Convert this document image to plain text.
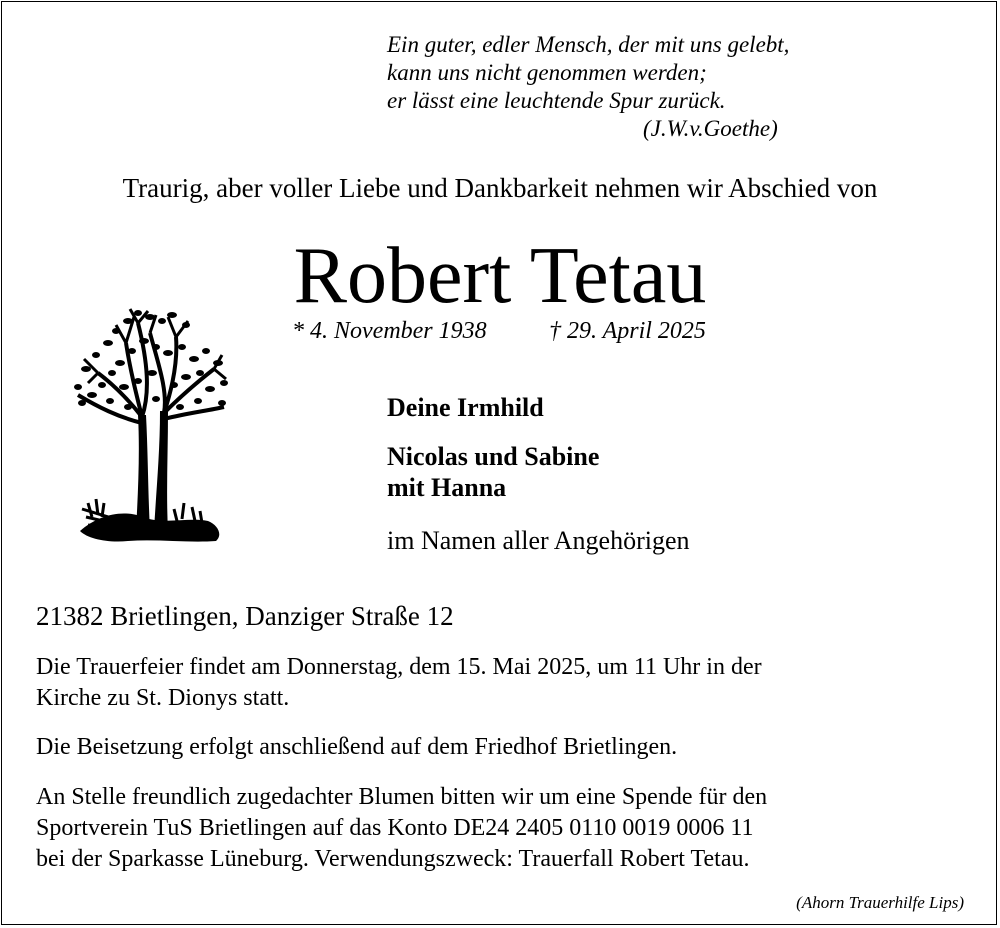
Ein guter, edler Mensch, der mit uns gelebt,
kann uns nicht genommen werden;
er lässt eine leuchtende Spur zurück.
(J.W.v.Goethe)
Traurig, aber voller Liebe und Dankbarkeit nehmen wir Abschied von
Robert Tetau
* 4. November 1938	† 29. April 2025
Deine Irmhild
Nicolas und Sabine
mit Hanna
im Namen aller Angehörigen
21382 Brietlingen, Danziger Straße 12
Die Trauerfeier findet am Donnerstag, dem 15. Mai 2025, um 11 Uhr in der
Kirche zu St. Dionys statt.
Die Beisetzung erfolgt anschließend auf dem Friedhof Brietlingen.
An Stelle freundlich zugedachter Blumen bitten wir um eine Spende für den
Sportverein TuS Brietlingen auf das Konto DE24 2405 0110 0019 0006 11
bei der Sparkasse Lüneburg. Verwendungszweck: Trauerfall Robert Tetau.
(Ahorn Trauerhilfe Lips)
